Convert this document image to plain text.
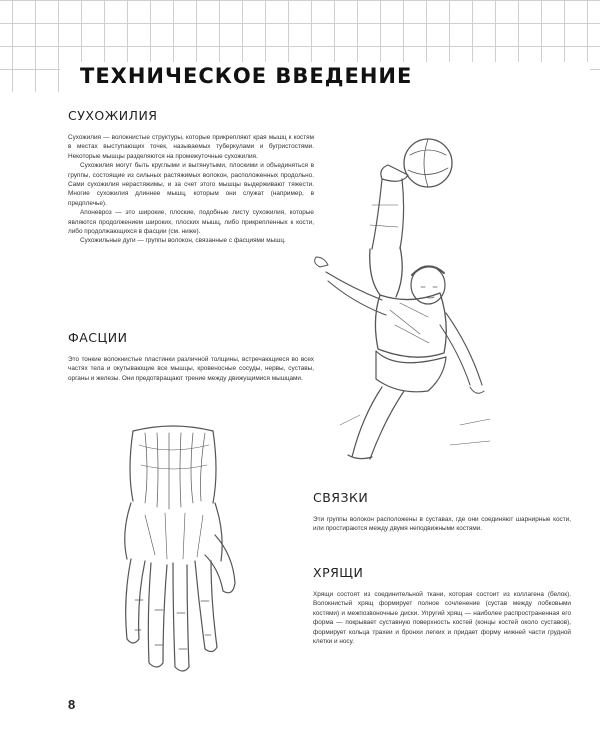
ТЕХНИЧЕСКОЕ ВВЕДЕНИЕ
СУХОЖИЛИЯ

Сухожилия — волокнистые структуры, которые прикрепляют края мышц к костям в местах выступающих точек, называемых туберкулами и бугристостями. Некоторые мышцы разделяются на промежуточные сухожилия.

Сухожилия могут быть круглыми и вытянутыми, плоскими и объединяться в группы, состоящие из сильных растяжимых волокон, расположенных продольно. Сами сухожилия нерастяжимы, и за счет этого мышцы выдерживают тяжести. Многие сухожилия длиннее мышц, которым они служат (например, в предплечье).

Апоневроз — это широкие, плоские, подобные листу сухожилия, которые являются продолжением широких, плоских мышц, либо прикрепленных к кости, либо продолжающихся в фасции (см. ниже).

Сухожильные дуги — группы волокон, связанные с фасциями мышц.

ФАСЦИИ

Это тонкие волокнистые пластинки различной толщины, встречающиеся во всех частях тела и окутывающие все мышцы, кровеносные сосуды, нервы, суставы, органы и железы. Они предотвращают трение между движущимися мышцами.

СВЯЗКИ

Эти группы волокон расположены в суставах, где они соединяют шарнирные кости, или простираются между двумя неподвижными костями.

ХРЯЩИ

Хрящи состоят из соединительной ткани, которая состоит из коллагена (белок). Волокнистый хрящ формирует полное сочленение (сустав между лобковыми костями) и межпозвоночные диски. Упругий хрящ — наиболее распространенная его форма — покрывает суставную поверхность костей (концы костей около суставов), формирует кольца трахеи и бронхи легких и придает форму нижней части грудной клетки и носу.

8
